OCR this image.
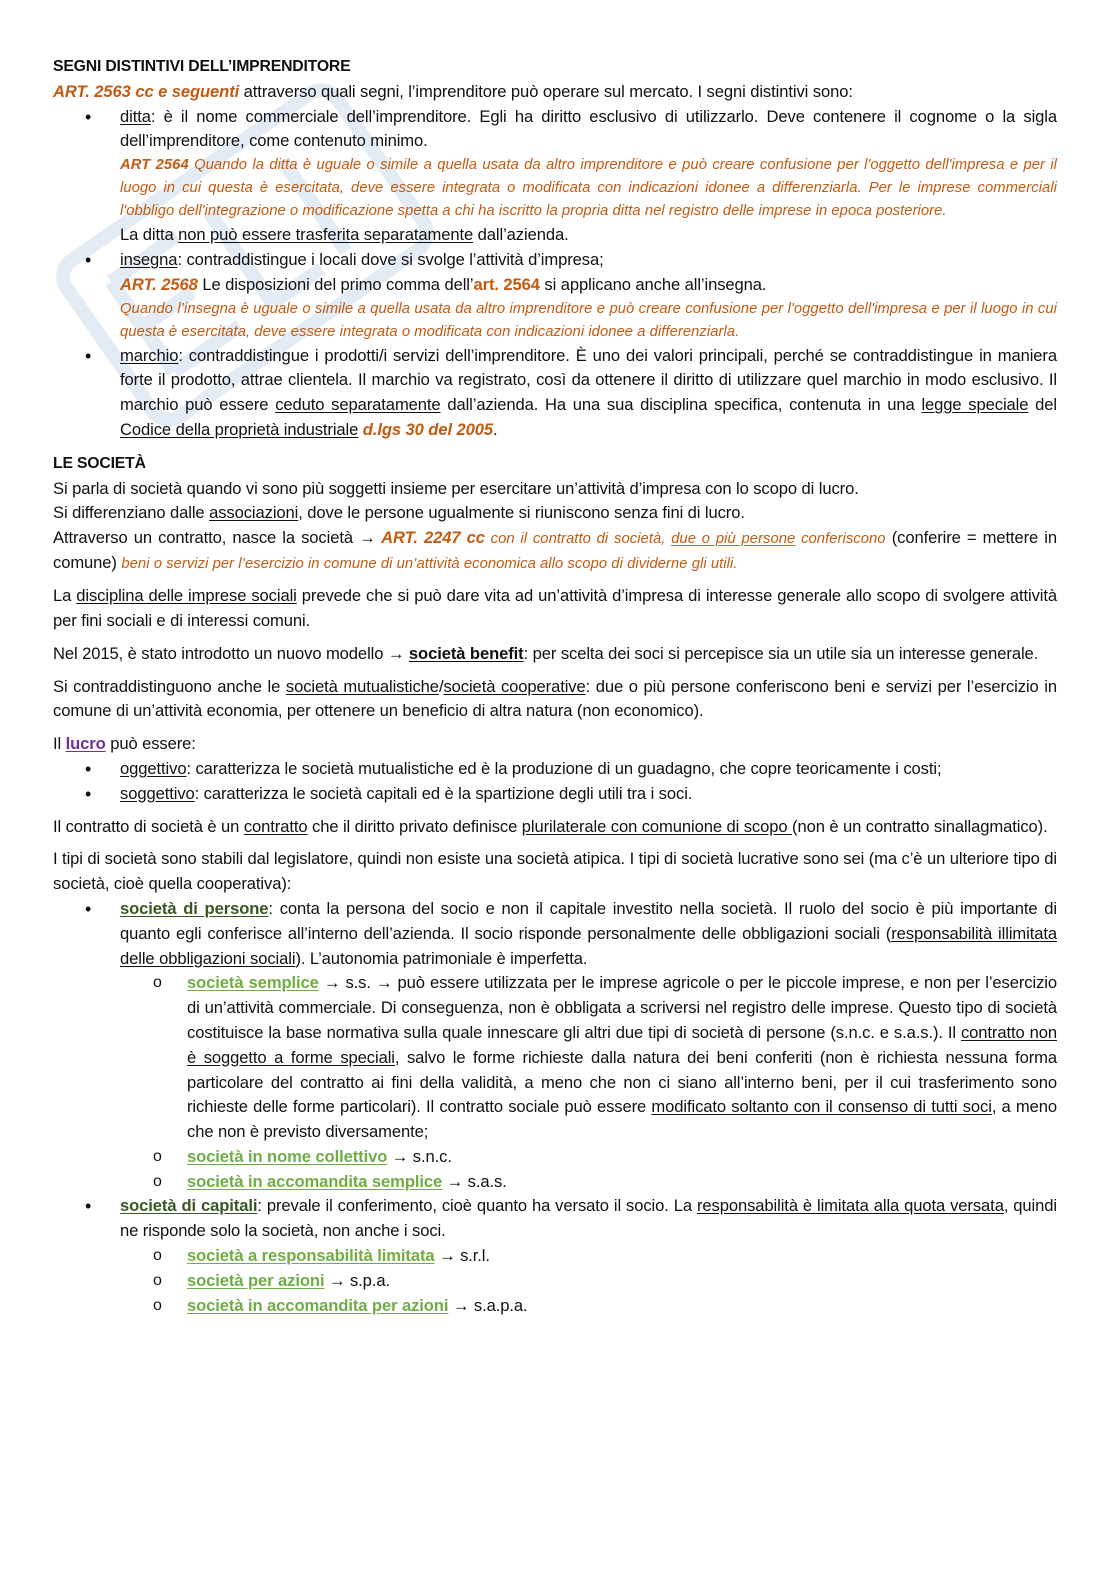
SEGNI DISTINTIVI DELL’IMPRENDITORE

ART. 2563 cc e seguenti attraverso quali segni, l’imprenditore può operare sul mercato. I segni distintivi sono:

• ditta: è il nome commerciale dell’imprenditore. Egli ha diritto esclusivo di utilizzarlo. Deve contenere il cognome o la sigla dell’imprenditore, come contenuto minimo.

ART 2564 Quando la ditta è uguale o simile a quella usata da altro imprenditore e può creare confusione per l'oggetto dell'impresa e per il luogo in cui questa è esercitata, deve essere integrata o modificata con indicazioni idonee a differenziarla. Per le imprese commerciali l'obbligo dell'integrazione o modificazione spetta a chi ha iscritto la propria ditta nel registro delle imprese in epoca posteriore.

La ditta non può essere trasferita separatamente dall’azienda.

• insegna: contraddistingue i locali dove si svolge l’attività d’impresa;

ART. 2568 Le disposizioni del primo comma dell’art. 2564 si applicano anche all’insegna.

Quando l’insegna è uguale o simile a quella usata da altro imprenditore e può creare confusione per l'oggetto dell'impresa e per il luogo in cui questa è esercitata, deve essere integrata o modificata con indicazioni idonee a differenziarla.

• marchio: contraddistingue i prodotti/i servizi dell’imprenditore. È uno dei valori principali, perché se contraddistingue in maniera forte il prodotto, attrae clientela. Il marchio va registrato, così da ottenere il diritto di utilizzare quel marchio in modo esclusivo. Il marchio può essere ceduto separatamente dall’azienda. Ha una sua disciplina specifica, contenuta in una legge speciale del Codice della proprietà industriale d.lgs 30 del 2005.

LE SOCIETÀ

Si parla di società quando vi sono più soggetti insieme per esercitare un’attività d’impresa con lo scopo di lucro.

Si differenziano dalle associazioni, dove le persone ugualmente si riuniscono senza fini di lucro.

Attraverso un contratto, nasce la società → ART. 2247 cc con il contratto di società, due o più persone conferiscono (conferire = mettere in comune) beni o servizi per l’esercizio in comune di un’attività economica allo scopo di dividerne gli utili.

La disciplina delle imprese sociali prevede che si può dare vita ad un’attività d’impresa di interesse generale allo scopo di svolgere attività per fini sociali e di interessi comuni.

Nel 2015, è stato introdotto un nuovo modello → società benefit: per scelta dei soci si percepisce sia un utile sia un interesse generale.

Si contraddistinguono anche le società mutualistiche/società cooperative: due o più persone conferiscono beni e servizi per l’esercizio in comune di un’attività economia, per ottenere un beneficio di altra natura (non economico).

Il lucro può essere:

• oggettivo: caratterizza le società mutualistiche ed è la produzione di un guadagno, che copre teoricamente i costi;
• soggettivo: caratterizza le società capitali ed è la spartizione degli utili tra i soci.

Il contratto di società è un contratto che il diritto privato definisce plurilaterale con comunione di scopo (non è un contratto sinallagmatico).

I tipi di società sono stabili dal legislatore, quindi non esiste una società atipica. I tipi di società lucrative sono sei (ma c’è un ulteriore tipo di società, cioè quella cooperativa):

• società di persone: conta la persona del socio e non il capitale investito nella società. Il ruolo del socio è più importante di quanto egli conferisce all’interno dell’azienda. Il socio risponde personalmente delle obbligazioni sociali (responsabilità illimitata delle obbligazioni sociali). L’autonomia patrimoniale è imperfetta.

o società semplice → s.s. → può essere utilizzata per le imprese agricole o per le piccole imprese, e non per l’esercizio di un’attività commerciale. Di conseguenza, non è obbligata a scriversi nel registro delle imprese. Questo tipo di società costituisce la base normativa sulla quale innescare gli altri due tipi di società di persone (s.n.c. e s.a.s.). Il contratto non è soggetto a forme speciali, salvo le forme richieste dalla natura dei beni conferiti (non è richiesta nessuna forma particolare del contratto ai fini della validità, a meno che non ci siano all’interno beni, per il cui trasferimento sono richieste delle forme particolari). Il contratto sociale può essere modificato soltanto con il consenso di tutti soci, a meno che non è previsto diversamente;
o società in nome collettivo → s.n.c.
o società in accomandita semplice → s.a.s.
• società di capitali: prevale il conferimento, cioè quanto ha versato il socio. La responsabilità è limitata alla quota versata, quindi ne risponde solo la società, non anche i soci.

o società a responsabilità limitata → s.r.l.
o società per azioni → s.p.a.
o società in accomandita per azioni → s.a.p.a.
